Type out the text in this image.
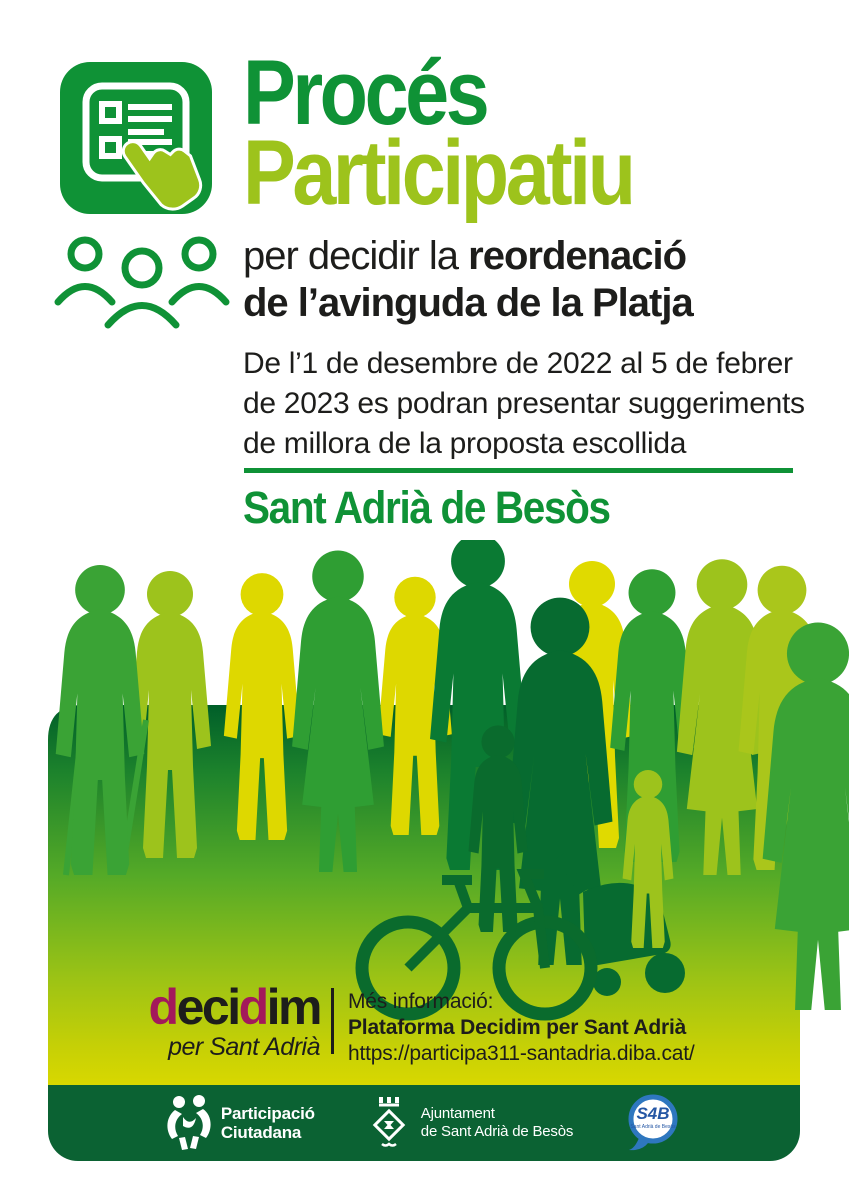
Procés
Participatiu
per decidir la reordenació
de l’avinguda de la Platja
De l’1 de desembre de 2022 al 5 de febrer
de 2023 es podran presentar suggeriments
de millora de la proposta escollida
Sant Adrià de Besòs
decidim
per Sant Adrià
Més informació:
Plataforma Decidim per Sant Adrià
https://participa311-santadria.diba.cat/
Participació
Ciutadana
Ajuntament
de Sant Adrià de Besòs
S4B
Sant Adrià de Besòs
